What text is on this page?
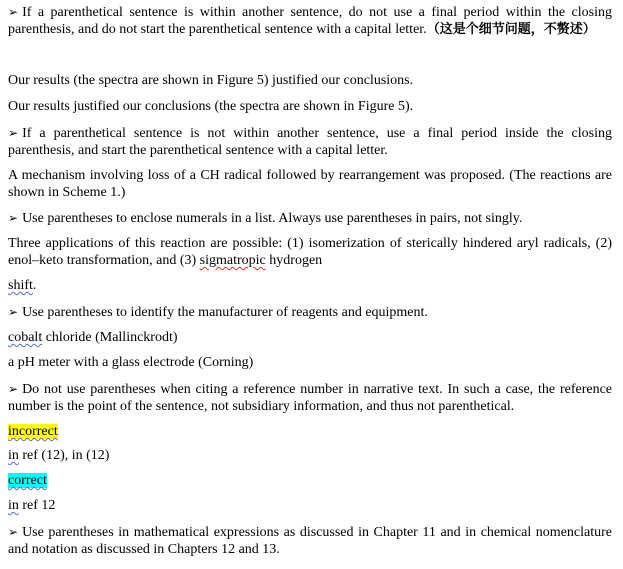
➢ If a parenthetical sentence is within another sentence, do not use a final period within the closing parenthesis, and do not start the parenthetical sentence with a capital letter.（这是个细节问题，不赘述）

Our results (the spectra are shown in Figure 5) justified our conclusions.

Our results justified our conclusions (the spectra are shown in Figure 5).

➢ If a parenthetical sentence is not within another sentence, use a final period inside the closing parenthesis, and start the parenthetical sentence with a capital letter.

A mechanism involving loss of a CH radical followed by rearrangement was proposed. (The reactions are shown in Scheme 1.)

➢ Use parentheses to enclose numerals in a list. Always use parentheses in pairs, not singly.

Three applications of this reaction are possible: (1) isomerization of sterically hindered aryl radicals, (2) enol–keto transformation, and (3) sigmatropic hydrogen

shift.

➢ Use parentheses to identify the manufacturer of reagents and equipment.

cobalt chloride (Mallinckrodt)

a pH meter with a glass electrode (Corning)

➢ Do not use parentheses when citing a reference number in narrative text. In such a case, the reference number is the point of the sentence, not subsidiary information, and thus not parenthetical.

incorrect

in ref (12), in (12)

correct

in ref 12

➢ Use parentheses in mathematical expressions as discussed in Chapter 11 and in chemical nomenclature and notation as discussed in Chapters 12 and 13.
